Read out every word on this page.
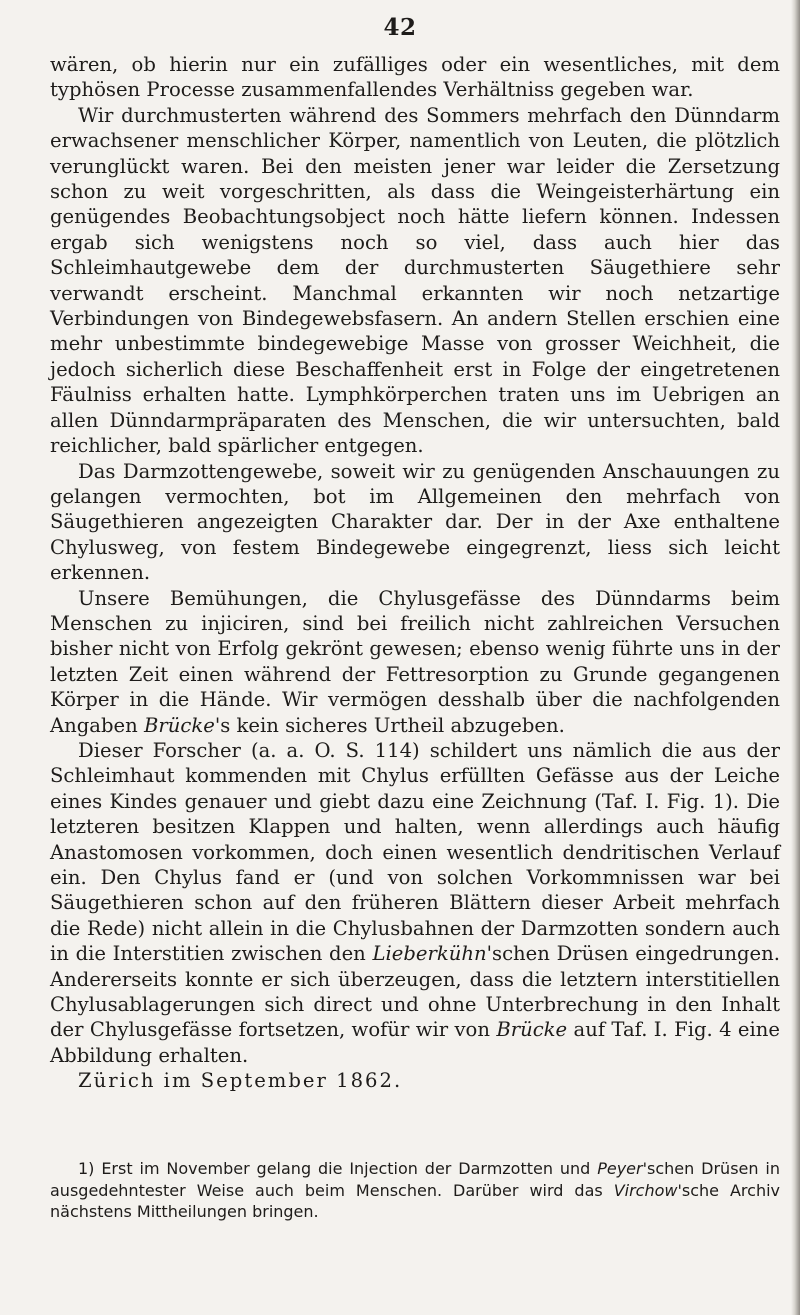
42

wären, ob hierin nur ein zufälliges oder ein wesentliches, mit dem typhösen Processe zusammenfallendes Verhältniss gegeben war.

Wir durchmusterten während des Sommers mehrfach den Dünndarm erwachsener menschlicher Körper, namentlich von Leuten, die plötzlich verunglückt waren. Bei den meisten jener war leider die Zersetzung schon zu weit vorgeschritten, als dass die Weingeisterhärtung ein genügendes Beobachtungsobject noch hätte liefern können. Indessen ergab sich wenigstens noch so viel, dass auch hier das Schleimhautgewebe dem der durchmusterten Säugethiere sehr verwandt erscheint. Manchmal erkannten wir noch netzartige Verbindungen von Bindegewebsfasern. An andern Stellen erschien eine mehr unbestimmte bindegewebige Masse von grosser Weichheit, die jedoch sicherlich diese Beschaffenheit erst in Folge der eingetretenen Fäulniss erhalten hatte. Lymphkörperchen traten uns im Uebrigen an allen Dünndarmpräparaten des Menschen, die wir untersuchten, bald reichlicher, bald spärlicher entgegen.

Das Darmzottengewebe, soweit wir zu genügenden Anschauungen zu gelangen vermochten, bot im Allgemeinen den mehrfach von Säugethieren angezeigten Charakter dar. Der in der Axe enthaltene Chylusweg, von festem Bindegewebe eingegrenzt, liess sich leicht erkennen.

Unsere Bemühungen, die Chylusgefässe des Dünndarms beim Menschen zu injiciren, sind bei freilich nicht zahlreichen Versuchen bisher nicht von Erfolg gekrönt gewesen; ebenso wenig führte uns in der letzten Zeit einen während der Fettresorption zu Grunde gegangenen Körper in die Hände. Wir vermögen desshalb über die nachfolgenden Angaben Brücke's kein sicheres Urtheil abzugeben.

Dieser Forscher (a. a. O. S. 114) schildert uns nämlich die aus der Schleimhaut kommenden mit Chylus erfüllten Gefässe aus der Leiche eines Kindes genauer und giebt dazu eine Zeichnung (Taf. I. Fig. 1). Die letzteren besitzen Klappen und halten, wenn allerdings auch häufig Anastomosen vorkommen, doch einen wesentlich dendritischen Verlauf ein. Den Chylus fand er (und von solchen Vorkommnissen war bei Säugethieren schon auf den früheren Blättern dieser Arbeit mehrfach die Rede) nicht allein in die Chylusbahnen der Darmzotten sondern auch in die Interstitien zwischen den Lieberkühn'schen Drüsen eingedrungen. Andererseits konnte er sich überzeugen, dass die letztern interstitiellen Chylusablagerungen sich direct und ohne Unterbrechung in den Inhalt der Chylusgefässe fortsetzen, wofür wir von Brücke auf Taf. I. Fig. 4 eine Abbildung erhalten.

Zürich im September 1862.

1) Erst im November gelang die Injection der Darmzotten und Peyer'schen Drüsen in ausgedehntester Weise auch beim Menschen. Darüber wird das Virchow'sche Archiv nächstens Mittheilungen bringen.
